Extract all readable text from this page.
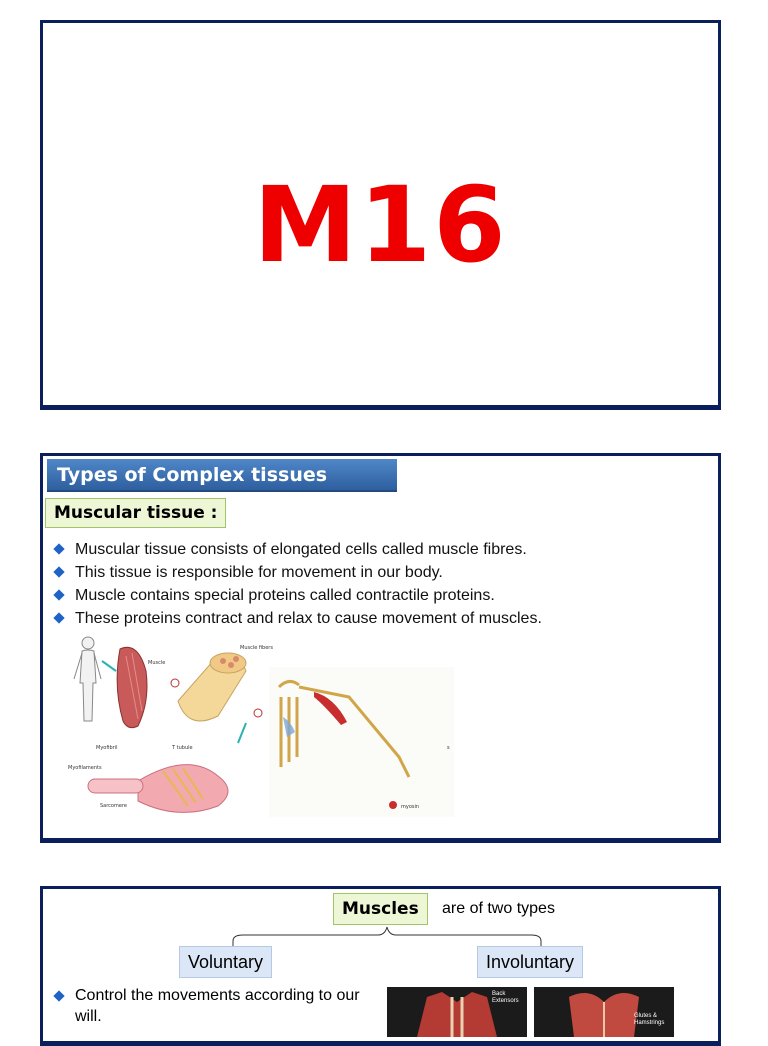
M16
Types of Complex tissues
Muscular tissue :
Muscular tissue consists of elongated cells called muscle fibres.
This tissue is responsible for movement in our body.
Muscle contains special proteins called contractile proteins.
These proteins contract and relax to cause movement of muscles.
Muscle
Muscle fibers
Myofibril	T tubule
Myofilaments
Sarcomere	myosin
s
Muscles	are of two types
Voluntary	Involuntary
Control the movements according to our will.
Back Extensors
Glutes & Hamstrings
